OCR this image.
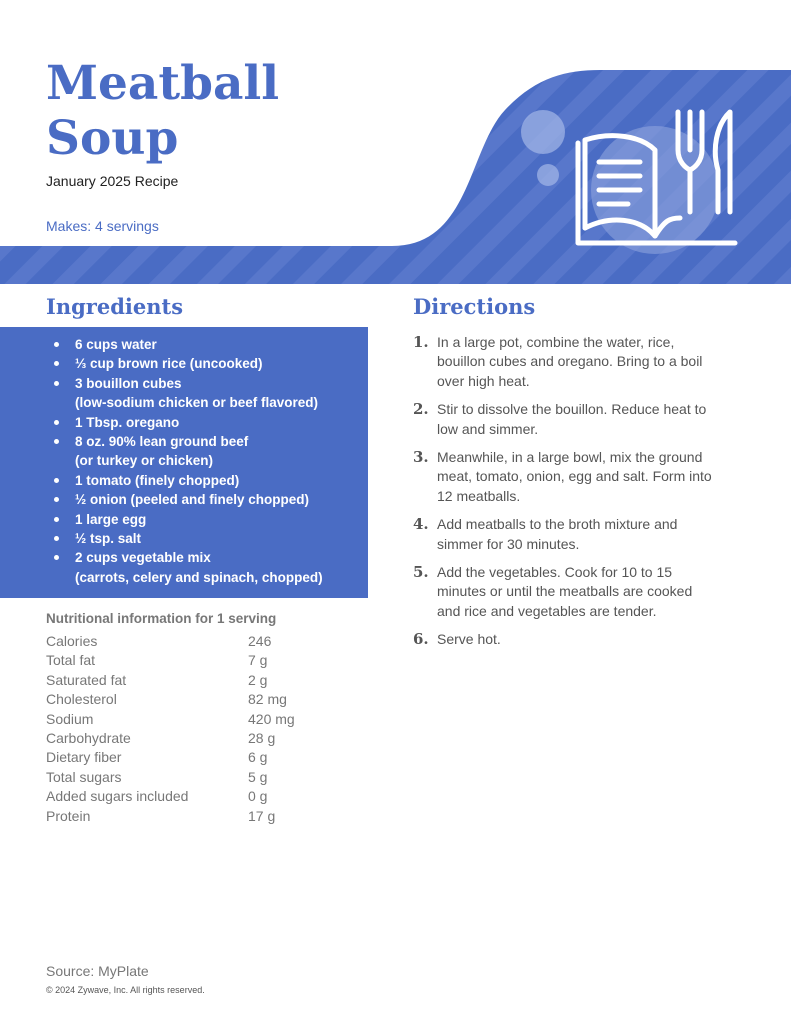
Meatball
Soup
January 2025 Recipe
Makes: 4 servings
Ingredients	Directions
6 cups water
⅓ cup brown rice (uncooked)
3 bouillon cubes
(low-sodium chicken or beef flavored)
1 Tbsp. oregano
8 oz. 90% lean ground beef
(or turkey or chicken)
1 tomato (finely chopped)
½ onion (peeled and finely chopped)
1 large egg
½ tsp. salt
2 cups vegetable mix
(carrots, celery and spinach, chopped)
Nutritional information for 1 serving
Calories	246
Total fat	7 g
Saturated fat	2 g
Cholesterol	82 mg
Sodium	420 mg
Carbohydrate	28 g
Dietary fiber	6 g
Total sugars	5 g
Added sugars included	0 g
Protein	17 g
1. In a large pot, combine the water, rice,
bouillon cubes and oregano. Bring to a boil
over high heat.
2. Stir to dissolve the bouillon. Reduce heat to
low and simmer.
3. Meanwhile, in a large bowl, mix the ground
meat, tomato, onion, egg and salt. Form into
12 meatballs.
4. Add meatballs to the broth mixture and
simmer for 30 minutes.
5. Add the vegetables. Cook for 10 to 15
minutes or until the meatballs are cooked
and rice and vegetables are tender.
6. Serve hot.
Source: MyPlate
© 2024 Zywave, Inc. All rights reserved.
